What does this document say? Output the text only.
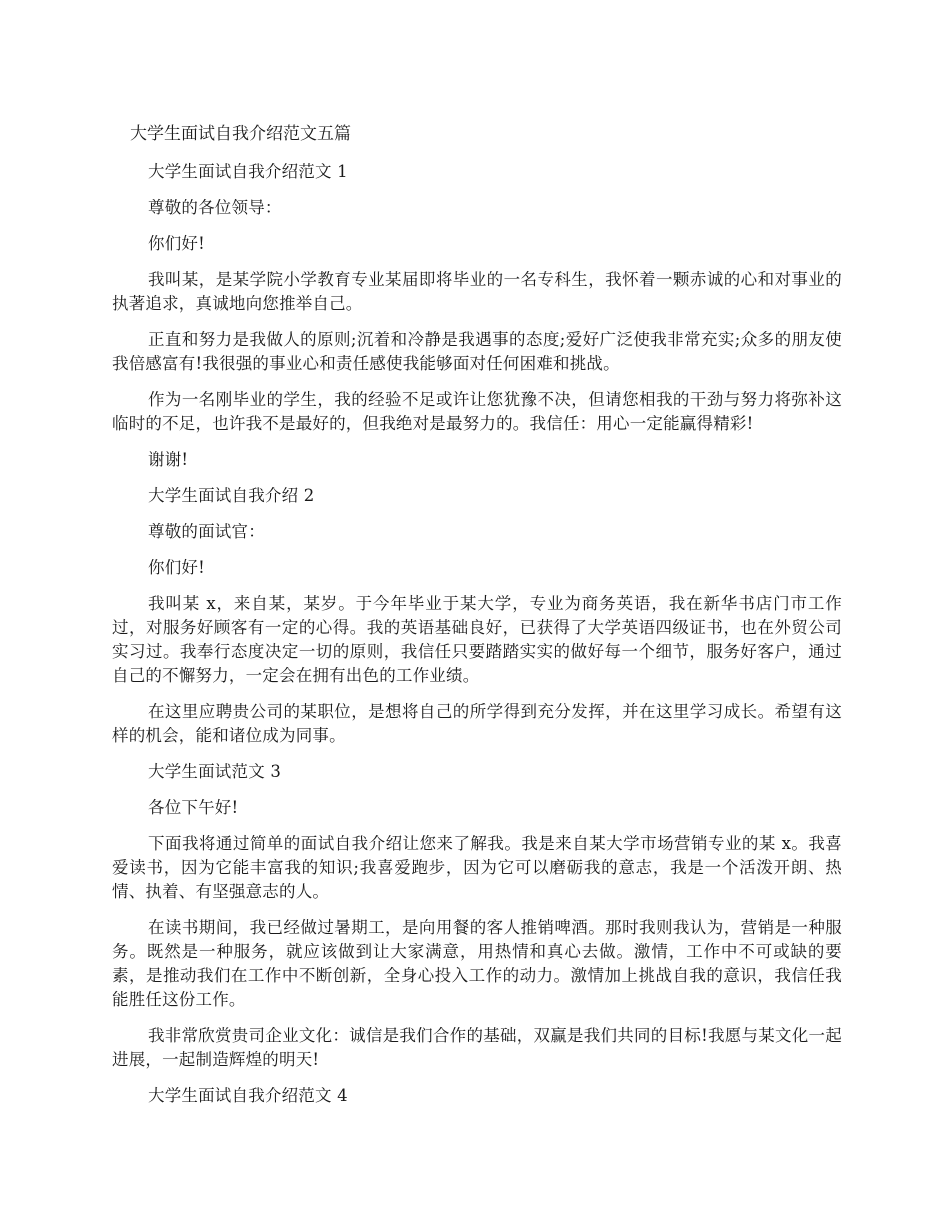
大学生面试自我介绍范文五篇

大学生面试自我介绍范文 1

尊敬的各位领导：

你们好!

我叫某，是某学院小学教育专业某届即将毕业的一名专科生，我怀着一颗赤诚的心和对事业的执著追求，真诚地向您推举自己。

正直和努力是我做人的原则;沉着和冷静是我遇事的态度;爱好广泛使我非常充实;众多的朋友使我倍感富有!我很强的事业心和责任感使我能够面对任何困难和挑战。

作为一名刚毕业的学生，我的经验不足或许让您犹豫不决，但请您相我的干劲与努力将弥补这临时的不足，也许我不是最好的，但我绝对是最努力的。我信任：用心一定能赢得精彩!

谢谢!

大学生面试自我介绍 2

尊敬的面试官：

你们好!

我叫某 x，来自某，某岁。于今年毕业于某大学，专业为商务英语，我在新华书店门市工作过，对服务好顾客有一定的心得。我的英语基础良好，已获得了大学英语四级证书，也在外贸公司实习过。我奉行态度决定一切的原则，我信任只要踏踏实实的做好每一个细节，服务好客户，通过自己的不懈努力，一定会在拥有出色的工作业绩。

在这里应聘贵公司的某职位，是想将自己的所学得到充分发挥，并在这里学习成长。希望有这样的机会，能和诸位成为同事。

大学生面试范文 3

各位下午好!

下面我将通过简单的面试自我介绍让您来了解我。我是来自某大学市场营销专业的某 x。我喜爱读书，因为它能丰富我的知识;我喜爱跑步，因为它可以磨砺我的意志，我是一个活泼开朗、热情、执着、有坚强意志的人。

在读书期间，我已经做过暑期工，是向用餐的客人推销啤酒。那时我则我认为，营销是一种服务。既然是一种服务，就应该做到让大家满意，用热情和真心去做。激情，工作中不可或缺的要素，是推动我们在工作中不断创新，全身心投入工作的动力。激情加上挑战自我的意识，我信任我能胜任这份工作。

我非常欣赏贵司企业文化：诚信是我们合作的基础，双赢是我们共同的目标!我愿与某文化一起进展，一起制造辉煌的明天!

大学生面试自我介绍范文 4
